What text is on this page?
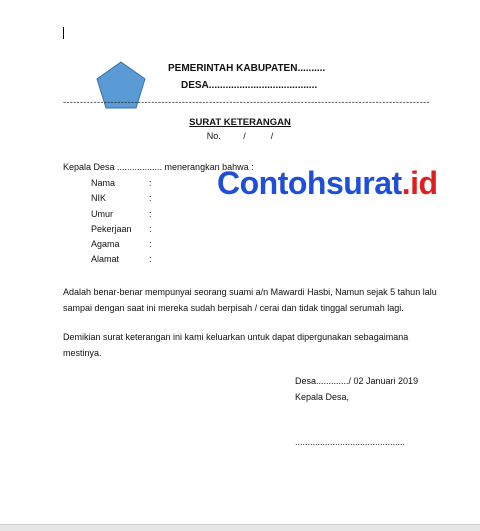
PEMERINTAH KABUPATEN..........
DESA.......................................
------------------------------------------------------------------------------------------------------------
SURAT KETERANGAN
No.         /          /
Kepala Desa .................. menerangkan bahwa :
Nama	:
NIK	:
Umur	:
Pekerjaan :
Agama	:
Alamat	:
Contohsurat.id
Adalah benar-benar mempunyai seorang suami a/n Mawardi Hasbi, Namun sejak 5 tahun lalu sampai dengan saat ini mereka sudah berpisah / cerai dan tidak tinggal serumah lagi.
Demikian surat keterangan ini kami keluarkan untuk dapat dipergunakan sebagaimana mestinya.
Desa............./ 02 Januari 2019
Kepala Desa,
............................................
